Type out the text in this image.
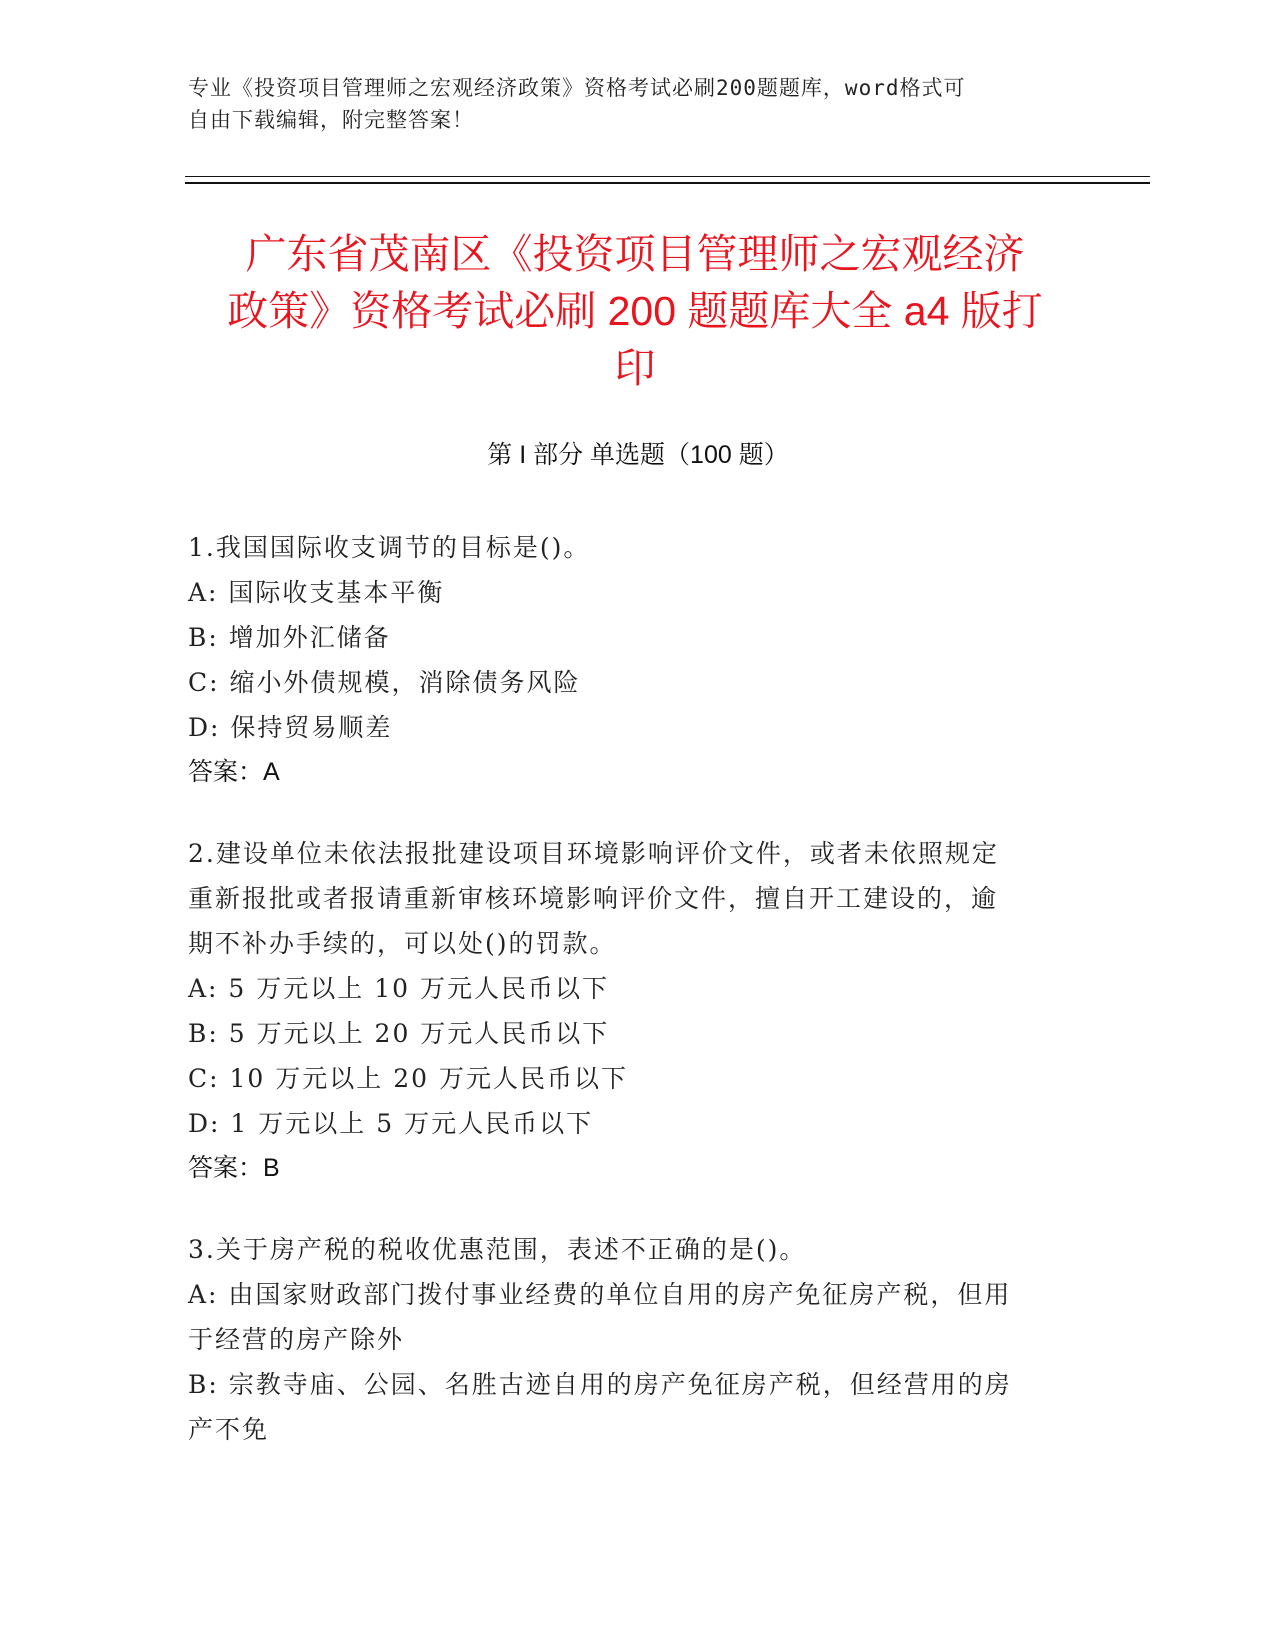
专业《投资项目管理师之宏观经济政策》资格考试必刷200题题库，word格式可
自由下载编辑，附完整答案！
广东省茂南区《投资项目管理师之宏观经济
政策》资格考试必刷 200 题题库大全 a4 版打
印
第 I 部分 单选题（100 题）
1.我国国际收支调节的目标是()。
A: 国际收支基本平衡
B: 增加外汇储备
C: 缩小外债规模，消除债务风险
D: 保持贸易顺差
答案：A
2.建设单位未依法报批建设项目环境影响评价文件，或者未依照规定
重新报批或者报请重新审核环境影响评价文件，擅自开工建设的，逾
期不补办手续的，可以处()的罚款。
A: 5 万元以上 10 万元人民币以下
B: 5 万元以上 20 万元人民币以下
C: 10 万元以上 20 万元人民币以下
D: 1 万元以上 5 万元人民币以下
答案：B
3.关于房产税的税收优惠范围，表述不正确的是()。
A: 由国家财政部门拨付事业经费的单位自用的房产免征房产税，但用
于经营的房产除外
B: 宗教寺庙、公园、名胜古迹自用的房产免征房产税，但经营用的房
产不免
